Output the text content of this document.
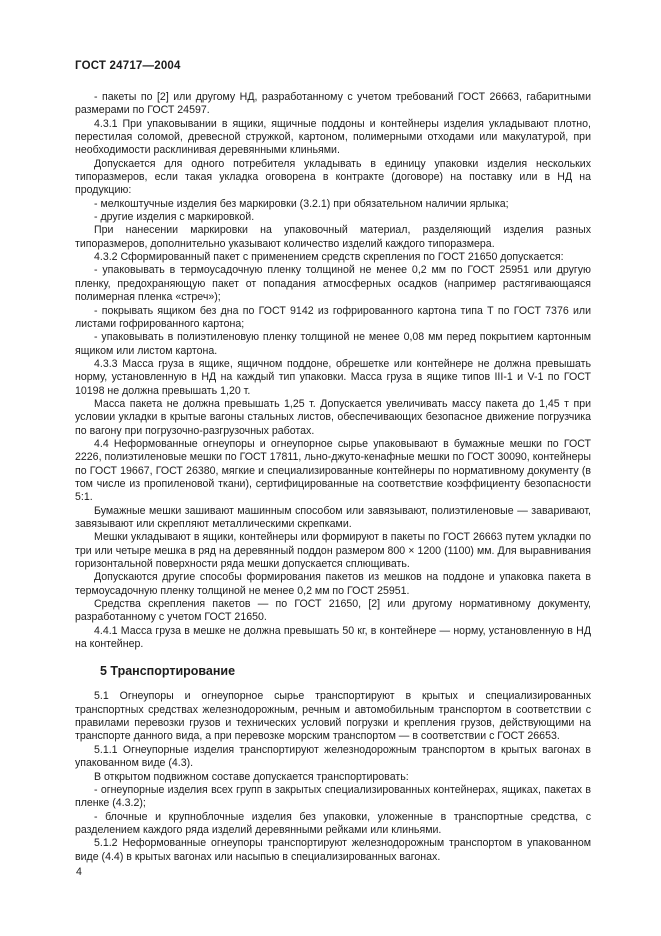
ГОСТ 24717—2004

- пакеты по [2] или другому НД, разработанному с учетом требований ГОСТ 26663, габаритными размерами по ГОСТ 24597.

4.3.1 При упаковывании в ящики, ящичные поддоны и контейнеры изделия укладывают плотно, перестилая соломой, древесной стружкой, картоном, полимерными отходами или макулатурой, при необходимости расклинивая деревянными клиньями.

Допускается для одного потребителя укладывать в единицу упаковки изделия нескольких типоразмеров, если такая укладка оговорена в контракте (договоре) на поставку или в НД на продукцию:

- мелкоштучные изделия без маркировки (3.2.1) при обязательном наличии ярлыка;

- другие изделия с маркировкой.

При нанесении маркировки на упаковочный материал, разделяющий изделия разных типоразмеров, дополнительно указывают количество изделий каждого типоразмера.

4.3.2 Сформированный пакет с применением средств скрепления по ГОСТ 21650 допускается:

- упаковывать в термоусадочную пленку толщиной не менее 0,2 мм по ГОСТ 25951 или другую пленку, предохраняющую пакет от попадания атмосферных осадков (например растягивающаяся полимерная пленка «стреч»);

- покрывать ящиком без дна по ГОСТ 9142 из гофрированного картона типа Т по ГОСТ 7376 или листами гофрированного картона;

- упаковывать в полиэтиленовую пленку толщиной не менее 0,08 мм перед покрытием картонным ящиком или листом картона.

4.3.3 Масса груза в ящике, ящичном поддоне, обрешетке или контейнере не должна превышать норму, установленную в НД на каждый тип упаковки. Масса груза в ящике типов III-1 и V-1 по ГОСТ 10198 не должна превышать 1,20 т.

Масса пакета не должна превышать 1,25 т. Допускается увеличивать массу пакета до 1,45 т при условии укладки в крытые вагоны стальных листов, обеспечивающих безопасное движение погрузчика по вагону при погрузочно-разгрузочных работах.

4.4 Неформованные огнеупоры и огнеупорное сырье упаковывают в бумажные мешки по ГОСТ 2226, полиэтиленовые мешки по ГОСТ 17811, льно-джуто-кенафные мешки по ГОСТ 30090, контейнеры по ГОСТ 19667, ГОСТ 26380, мягкие и специализированные контейнеры по нормативному документу (в том числе из пропиленовой ткани), сертифицированные на соответствие коэффициенту безопасности 5:1.

Бумажные мешки зашивают машинным способом или завязывают, полиэтиленовые — заваривают, завязывают или скрепляют металлическими скрепками.

Мешки укладывают в ящики, контейнеры или формируют в пакеты по ГОСТ 26663 путем укладки по три или четыре мешка в ряд на деревянный поддон размером 800 × 1200 (1100) мм. Для выравнивания горизонтальной поверхности ряда мешки допускается сплющивать.

Допускаются другие способы формирования пакетов из мешков на поддоне и упаковка пакета в термоусадочную пленку толщиной не менее 0,2 мм по ГОСТ 25951.

Средства скрепления пакетов — по ГОСТ 21650, [2] или другому нормативному документу, разработанному с учетом ГОСТ 21650.

4.4.1 Масса груза в мешке не должна превышать 50 кг, в контейнере — норму, установленную в НД на контейнер.

5 Транспортирование

5.1 Огнеупоры и огнеупорное сырье транспортируют в крытых и специализированных транспортных средствах железнодорожным, речным и автомобильным транспортом в соответствии с правилами перевозки грузов и технических условий погрузки и крепления грузов, действующими на транспорте данного вида, а при перевозке морским транспортом — в соответствии с ГОСТ 26653.

5.1.1 Огнеупорные изделия транспортируют железнодорожным транспортом в крытых вагонах в упакованном виде (4.3).

В открытом подвижном составе допускается транспортировать:

- огнеупорные изделия всех групп в закрытых специализированных контейнерах, ящиках, пакетах в пленке (4.3.2);

- блочные и крупноблочные изделия без упаковки, уложенные в транспортные средства, с разделением каждого ряда изделий деревянными рейками или клиньями.

5.1.2 Неформованные огнеупоры транспортируют железнодорожным транспортом в упакованном виде (4.4) в крытых вагонах или насыпью в специализированных вагонах.

4
